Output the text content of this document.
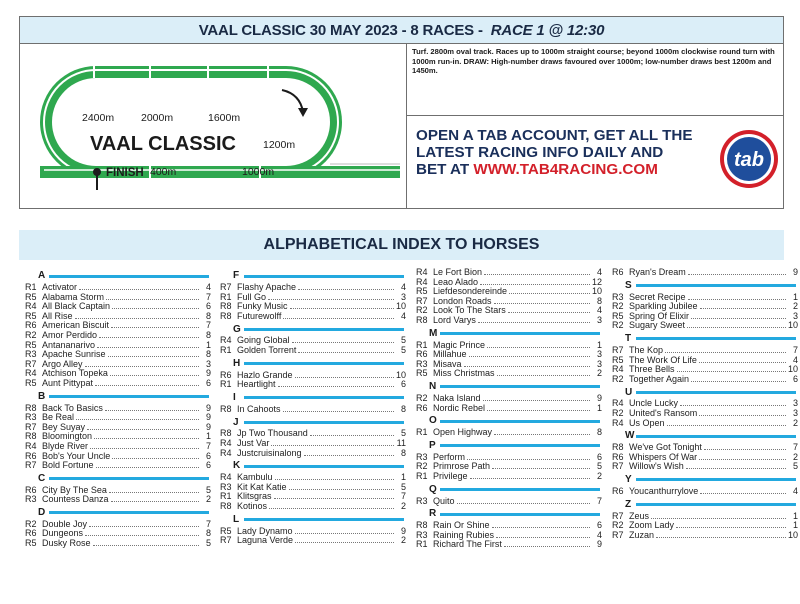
VAAL CLASSIC 30 MAY 2023 - 8 RACES - RACE 1 @ 12:30
2400m	2000m	1600m
1200m
400m	1000m
VAAL CLASSIC
FINISH
Turf. 2800m oval track. Races up to 1000m straight course; beyond 1000m clockwise round turn with 1000m run-in. DRAW: High-number draws favoured over 1000m; low-number draws best 1200m and 1450m.
OPEN A TAB ACCOUNT, GET ALL THE
LATEST RACING INFO DAILY AND
BET AT WWW.TAB4RACING.COM	tab
ALPHABETICAL INDEX TO HORSES
A
R1 Activator	4
R5 Alabama Storm	7
R4 All Black Captain	6
R5 All Rise	8
R6 American Biscuit	7
R2 Amor Perdido	8
R5 Antananarivo	1
R3 Apache Sunrise	8
R7 Argo Alley	3
R4 Atchison Topeka	9
R5 Aunt Pittypat	6
B
R8 Back To Basics	9
R3 Be Real	9
R7 Bey Suyay	9
R8 Bloomington	1
R4 Blyde River	7
R6 Bob's Your Uncle	6
R7 Bold Fortune	6
C
R6 City By The Sea	5
R3 Countess Danza	2
D
R2 Double Joy	7
R6 Dungeons	8
R5 Dusky Rose	5
F
R7 Flashy Apache	4
R1 Full Go	3
R8 Funky Music	10
R8 Futurewolff	4
G
R4 Going Global	5
R1 Golden Torrent	5
H
R6 Hazlo Grande	10
R1 Heartlight	6
I
R8 In Cahoots	8
J
R8 Jp Two Thousand	5
R4 Just Var	11
R4 Justcruisinalong	8
K
R4 Kambulu	1
R3 Kit Kat Katie	5
R1 Klitsgras	7
R8 Kotinos	2
L
R5 Lady Dynamo	9
R7 Laguna Verde	2
R4 Le Fort Bion	4
R4 Leao Alado	12
R5 Liefdesondereinde	10
R7 London Roads	8
R2 Look To The Stars	4
R8 Lord Varys	3
M
R1 Magic Prince	1
R6 Millahue	3
R3 Misava	3
R5 Miss Christmas	2
N
R2 Naka Island	9
R6 Nordic Rebel	1
O
R1 Open Highway	8
P
R3 Perform	6
R2 Primrose Path	5
R1 Privilege	2
Q
R3 Quito	7
R
R8 Rain Or Shine	6
R3 Raining Rubies	4
R1 Richard The First	9
R6 Ryan's Dream	9
S
R3 Secret Recipe	1
R2 Sparkling Jubilee	2
R5 Spring Of Elixir	3
R2 Sugary Sweet	10
T
R7 The Kop	7
R5 The Work Of Life	4
R4 Three Bells	10
R2 Together Again	6
U
R4 Uncle Lucky	3
R2 United's Ransom	3
R4 Us Open	2
W
R8 We've Got Tonight	7
R6 Whispers Of War	2
R7 Willow's Wish	5
Y
R6 Youcanthurrylove	4
Z
R7 Zeus	1
R2 Zoom Lady	1
R7 Zuzan	10
